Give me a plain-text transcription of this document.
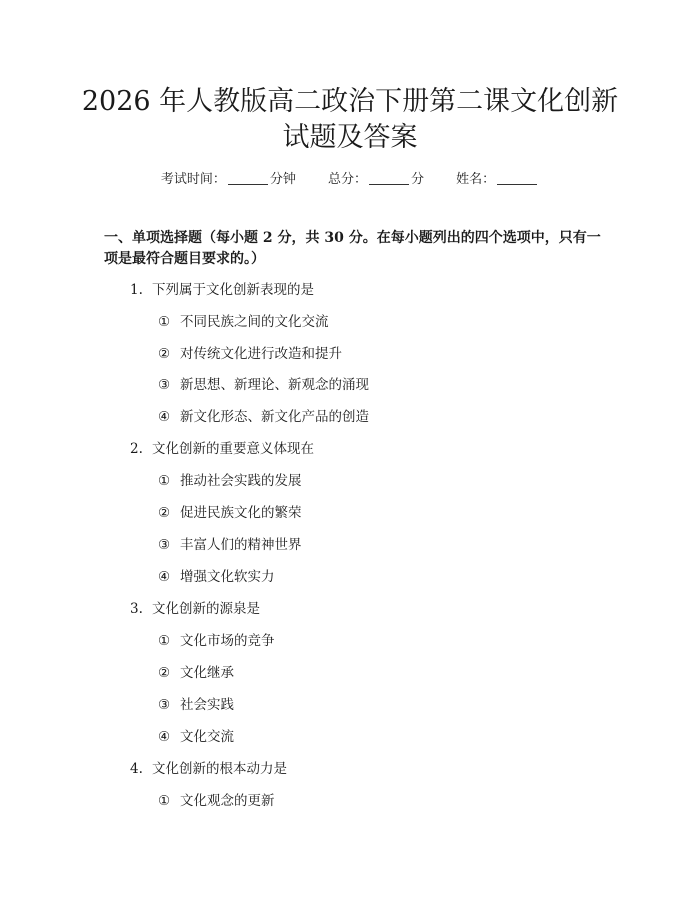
2026 年人教版高二政治下册第二课文化创新
试题及答案
考试时间：	分钟 总分：	分 姓名：
一、单项选择题（每小题 2 分，共 30 分。在每小题列出的四个选项中，只有一项是最符合题目要求的。）
1. 下列属于文化创新表现的是
① 不同民族之间的文化交流
② 对传统文化进行改造和提升
③ 新思想、新理论、新观念的涌现
④ 新文化形态、新文化产品的创造
2. 文化创新的重要意义体现在
① 推动社会实践的发展
② 促进民族文化的繁荣
③ 丰富人们的精神世界
④ 增强文化软实力
3. 文化创新的源泉是
① 文化市场的竞争
② 文化继承
③ 社会实践
④ 文化交流
4. 文化创新的根本动力是
① 文化观念的更新
